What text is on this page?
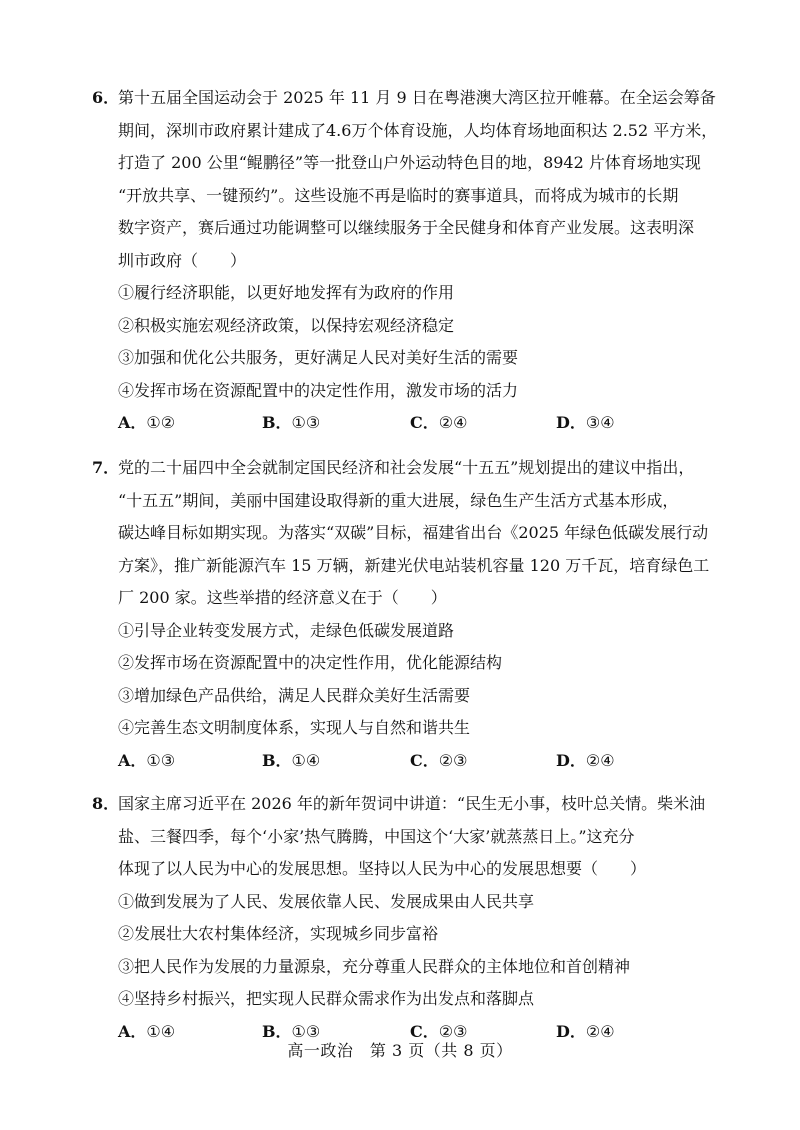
6．第十五届全国运动会于 2025 年 11 月 9 日在粤港澳大湾区拉开帷幕。在全运会筹备
期间，深圳市政府累计建成了4.6万个体育设施，人均体育场地面积达 2.52 平方米，
打造了 200 公里“鲲鹏径”等一批登山户外运动特色目的地，8942 片体育场地实现
“开放共享、一键预约”。这些设施不再是临时的赛事道具，而将成为城市的长期
数字资产，赛后通过功能调整可以继续服务于全民健身和体育产业发展。这表明深
圳市政府（　　）
①履行经济职能，以更好地发挥有为政府的作用
②积极实施宏观经济政策，以保持宏观经济稳定
③加强和优化公共服务，更好满足人民对美好生活的需要
④发挥市场在资源配置中的决定性作用，激发市场的活力
A．①②	B．①③	C．②④	D．③④
7．党的二十届四中全会就制定国民经济和社会发展“十五五”规划提出的建议中指出，
“十五五”期间，美丽中国建设取得新的重大进展，绿色生产生活方式基本形成，
碳达峰目标如期实现。为落实“双碳”目标，福建省出台《2025 年绿色低碳发展行动
方案》，推广新能源汽车 15 万辆，新建光伏电站装机容量 120 万千瓦，培育绿色工
厂 200 家。这些举措的经济意义在于（　　）
①引导企业转变发展方式，走绿色低碳发展道路
②发挥市场在资源配置中的决定性作用，优化能源结构
③增加绿色产品供给，满足人民群众美好生活需要
④完善生态文明制度体系，实现人与自然和谐共生
A．①③	B．①④	C．②③	D．②④
8．国家主席习近平在 2026 年的新年贺词中讲道：“民生无小事，枝叶总关情。柴米油
盐、三餐四季，每个‘小家’热气腾腾，中国这个‘大家’就蒸蒸日上。”这充分
体现了以人民为中心的发展思想。坚持以人民为中心的发展思想要（　　）
①做到发展为了人民、发展依靠人民、发展成果由人民共享
②发展壮大农村集体经济，实现城乡同步富裕
③把人民作为发展的力量源泉，充分尊重人民群众的主体地位和首创精神
④坚持乡村振兴，把实现人民群众需求作为出发点和落脚点
A．①④	B．①③	C．②③	D．②④
高一政治　第 3 页（共 8 页）
